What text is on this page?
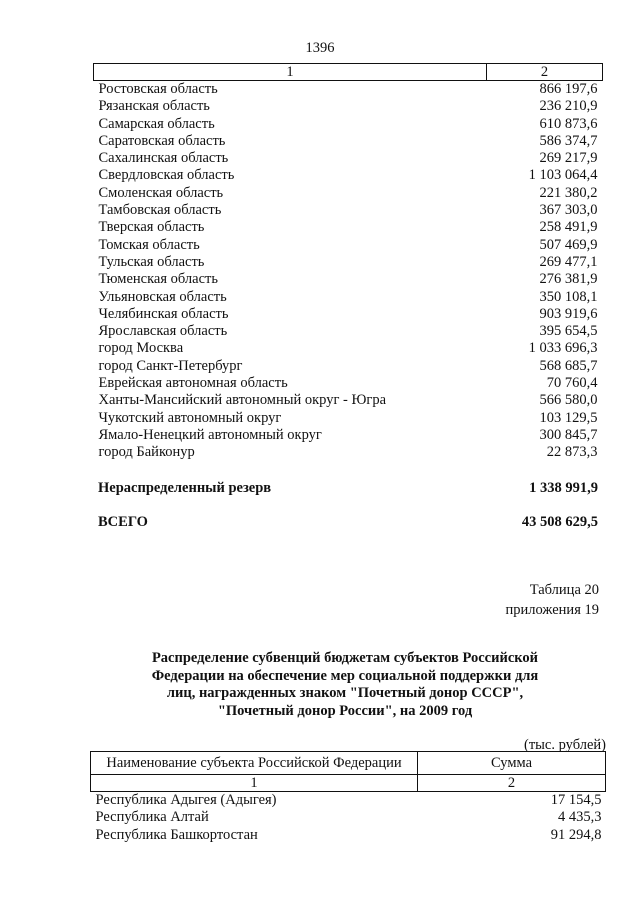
1396
1	2
Ростовская область	866 197,6
Рязанская область	236 210,9
Самарская область	610 873,6
Саратовская область	586 374,7
Сахалинская область	269 217,9
Свердловская область	1 103 064,4
Смоленская область	221 380,2
Тамбовская область	367 303,0
Тверская область	258 491,9
Томская область	507 469,9
Тульская область	269 477,1
Тюменская область	276 381,9
Ульяновская область	350 108,1
Челябинская область	903 919,6
Ярославская область	395 654,5
город Москва	1 033 696,3
город Санкт-Петербург	568 685,7
Еврейская автономная область	70 760,4
Ханты-Мансийский автономный округ - Югра	566 580,0
Чукотский автономный округ	103 129,5
Ямало-Ненецкий автономный округ	300 845,7
город Байконур	22 873,3
Нераспределенный резерв	1 338 991,9
ВСЕГО	43 508 629,5
Таблица 20
приложения 19
Распределение субвенций бюджетам субъектов Российской
Федерации на обеспечение мер социальной поддержки для
лиц, награжденных знаком "Почетный донор СССР",
"Почетный донор России", на 2009 год
(тыс. рублей)
Наименование субъекта Российской Федерации	Сумма
1	2
Республика Адыгея (Адыгея)	17 154,5
Республика Алтай	4 435,3
Республика Башкортостан	91 294,8
